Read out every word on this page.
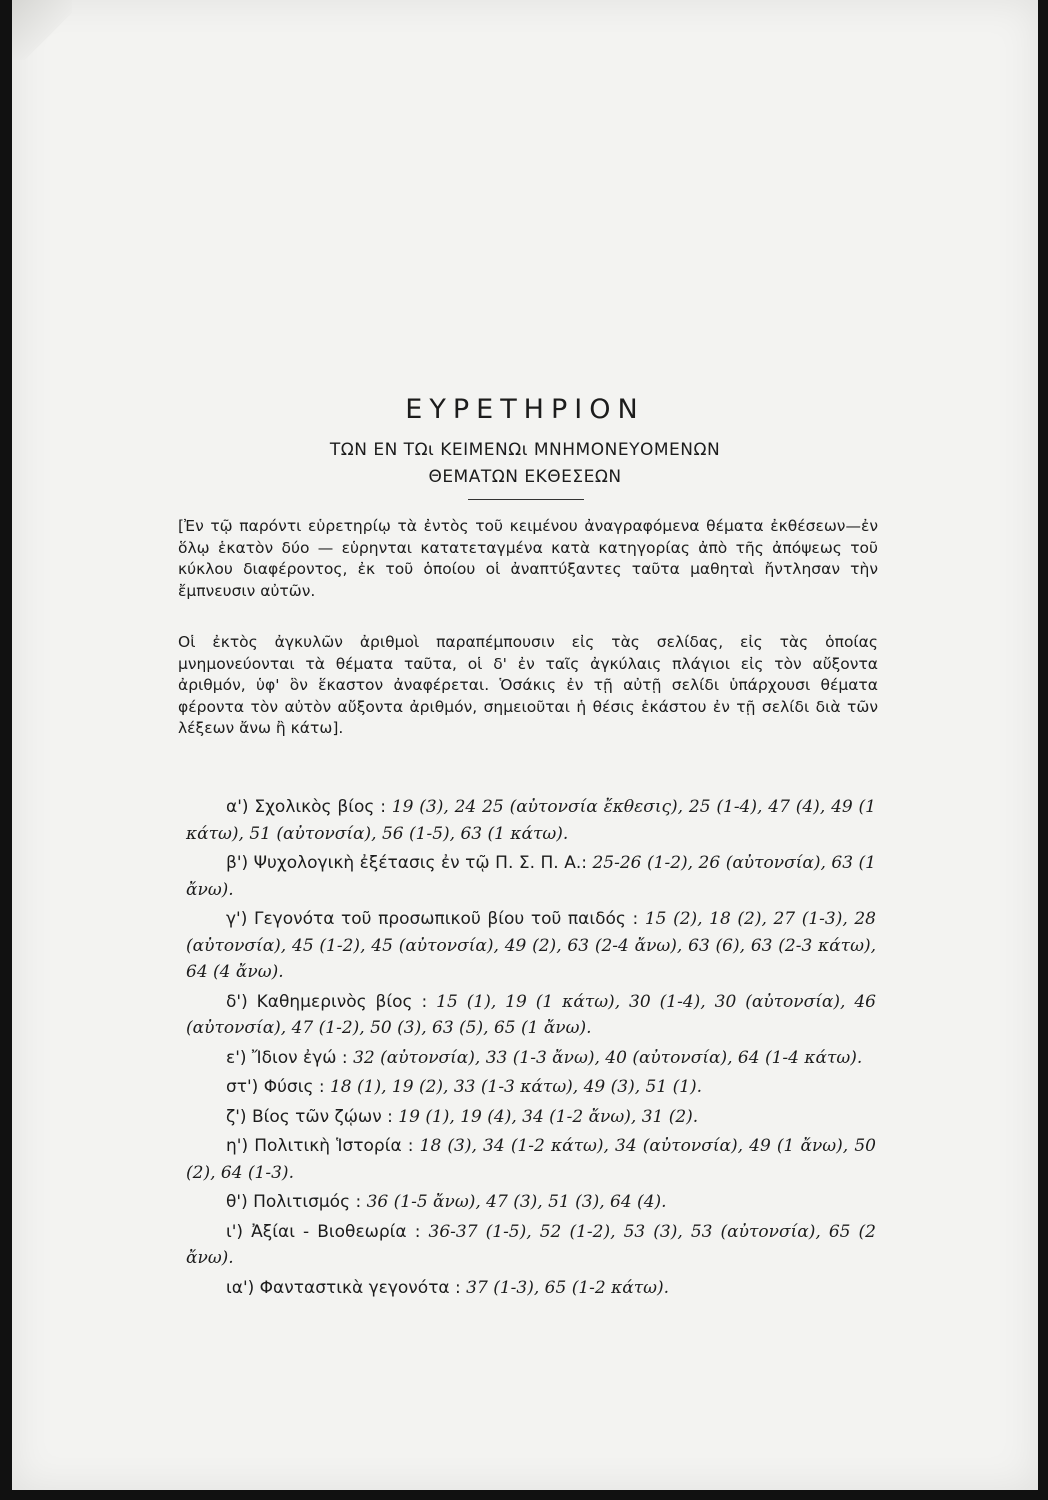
ΕΥΡΕΤΗΡΙΟΝ
ΤΩΝ ΕΝ ΤΩι ΚΕΙΜΕΝΩι ΜΝΗΜΟΝΕΥΟΜΕΝΩΝ
ΘΕΜΑΤΩΝ ΕΚΘΕΣΕΩΝ
[Ἐν τῷ παρόντι εὑρετηρίῳ τὰ ἐντὸς τοῦ κειμένου ἀναγραφόμενα θέματα ἐκθέσεων—ἐν ὅλῳ ἑκατὸν δύο — εὑρηνται κατατεταγμένα κατὰ κατηγορίας ἀπὸ τῆς ἀπόψεως τοῦ κύκλου διαφέροντος, ἐκ τοῦ ὁποίου οἱ ἀναπτύξαντες ταῦτα μαθηταὶ ἤντλησαν τὴν ἔμπνευσιν αὐτῶν.
Οἱ ἐκτὸς ἀγκυλῶν ἀριθμοὶ παραπέμπουσιν εἰς τὰς σελίδας, εἰς τὰς ὁποίας μνημονεύονται τὰ θέματα ταῦτα, οἱ δ' ἐν ταῖς ἀγκύλαις πλάγιοι εἰς τὸν αὔξοντα ἀριθμόν, ὑφ' ὃν ἕκαστον ἀναφέρεται. Ὁσάκις ἐν τῇ αὐτῇ σελίδι ὑπάρχουσι θέματα φέροντα τὸν αὐτὸν αὔξοντα ἀριθμόν, σημειοῦται ἡ θέσις ἑκάστου ἐν τῇ σελίδι διὰ τῶν λέξεων ἄνω ἢ κάτω].

α') Σχολικὸς βίος : 19 (3), 24 25 (αὐτονσία ἔκθεσις), 25 (1-4), 47 (4), 49 (1 κάτω), 51 (αὐτονσία), 56 (1-5), 63 (1 κάτω).

β') Ψυχολογικὴ ἐξέτασις ἐν τῷ Π. Σ. Π. Α.: 25-26 (1-2), 26 (αὐτονσία), 63 (1 ἄνω).

γ') Γεγονότα τοῦ προσωπικοῦ βίου τοῦ παιδός : 15 (2), 18 (2), 27 (1-3), 28 (αὐτονσία), 45 (1-2), 45 (αὐτονσία), 49 (2), 63 (2-4 ἄνω), 63 (6), 63 (2-3 κάτω), 64 (4 ἄνω).

δ') Καθημερινὸς βίος : 15 (1), 19 (1 κάτω), 30 (1-4), 30 (αὐτονσία), 46 (αὐτονσία), 47 (1-2), 50 (3), 63 (5), 65 (1 ἄνω).

ε') Ἴδιον ἐγώ : 32 (αὐτονσία), 33 (1-3 ἄνω), 40 (αὐτονσία), 64 (1-4 κάτω).

στ') Φύσις : 18 (1), 19 (2), 33 (1-3 κάτω), 49 (3), 51 (1).

ζ') Βίος τῶν ζῴων : 19 (1), 19 (4), 34 (1-2 ἄνω), 31 (2).

η') Πολιτικὴ Ἱστορία : 18 (3), 34 (1-2 κάτω), 34 (αὐτονσία), 49 (1 ἄνω), 50 (2), 64 (1-3).

θ') Πολιτισμός : 36 (1-5 ἄνω), 47 (3), 51 (3), 64 (4).

ι') Ἀξίαι - Βιοθεωρία : 36-37 (1-5), 52 (1-2), 53 (3), 53 (αὐτονσία), 65 (2 ἄνω).

ια') Φανταστικὰ γεγονότα : 37 (1-3), 65 (1-2 κάτω).
